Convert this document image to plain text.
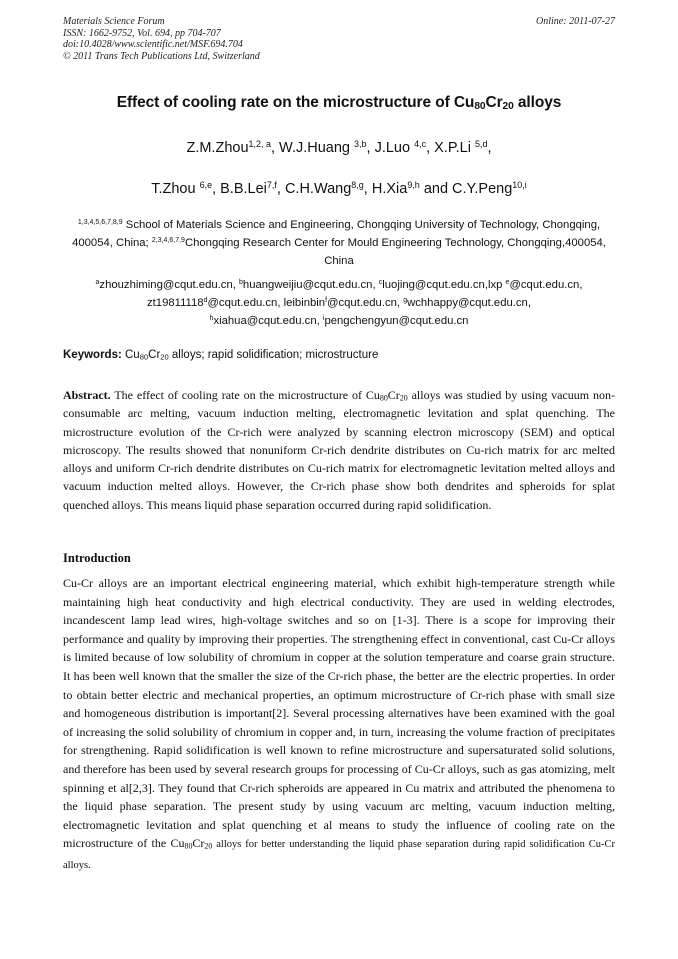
Materials Science Forum
ISSN: 1662-9752, Vol. 694, pp 704-707
doi:10.4028/www.scientific.net/MSF.694.704
© 2011 Trans Tech Publications Ltd, Switzerland
Online: 2011-07-27
Effect of cooling rate on the microstructure of $Cu_{80}Cr_{20}$ alloys
Z.M.Zhou$^{1,2, a}$, W.J.Huang $^{3,b}$, J.Luo $^{4,c}$, X.P.Li $^{5,d}$,
T.Zhou $^{6,e}$, B.B.Lei$^{7,f}$, C.H.Wang$^{8,g}$, H.Xia$^{9,h}$ and C.Y.Peng$^{10,i}$
$^{1,3,4,5,6,7,8,9}$ School of Materials Science and Engineering, Chongqing University of Technology, Chongqing, 400054, China; $^{2,3,4,6,7,9}$Chongqing Research Center for Mould Engineering Technology, Chongqing,400054, China
$^a$zhouzhiming@cqut.edu.cn, $^b$huangweijiu@cqut.edu.cn, $^c$luojing@cqut.edu.cn,lxp $^e$@cqut.edu.cn,
zt19811118$^d$@cqut.edu.cn, leibinbin$^f$@cqut.edu.cn, $^g$wchhappy@cqut.edu.cn,
$^h$xiahua@cqut.edu.cn, $^i$pengchengyun@cqut.edu.cn
Keywords: $Cu_{80}Cr_{20}$ alloys; rapid solidification; microstructure
Abstract. The effect of cooling rate on the microstructure of $Cu_{80}Cr_{20}$ alloys was studied by using vacuum non-consumable arc melting, vacuum induction melting, electromagnetic levitation and splat quenching. The microstructure evolution of the Cr-rich were analyzed by scanning electron microscopy (SEM) and optical microscopy. The results showed that nonuniform Cr-rich dendrite distributes on Cu-rich matrix for arc melted alloys and uniform Cr-rich dendrite distributes on Cu-rich matrix for electromagnetic levitation melted alloys and vacuum induction melted alloys. However, the Cr-rich phase show both dendrites and spheroids for splat quenched alloys. This means liquid phase separation occurred during rapid solidification.
Introduction
Cu-Cr alloys are an important electrical engineering material, which exhibit high-temperature strength while maintaining high heat conductivity and high electrical conductivity. They are used in welding electrodes, incandescent lamp lead wires, high-voltage switches and so on [1-3]. There is a scope for improving their performance and quality by improving their properties. The strengthening effect in conventional, cast Cu-Cr alloys is limited because of low solubility of chromium in copper at the solution temperature and coarse grain structure. It has been well known that the smaller the size of the Cr-rich phase, the better are the electric properties. In order to obtain better electric and mechanical properties, an optimum microstructure of Cr-rich phase with small size and homogeneous distribution is important[2]. Several processing alternatives have been examined with the goal of increasing the solid solubility of chromium in copper and, in turn, increasing the volume fraction of precipitates for strengthening. Rapid solidification is well known to refine microstructure and supersaturated solid solutions, and therefore has been used by several research groups for processing of Cu-Cr alloys, such as gas atomizing, melt spinning et al[2,3]. They found that Cr-rich spheroids are appeared in Cu matrix and attributed the phenomena to the liquid phase separation. The present study by using vacuum arc melting, vacuum induction melting, electromagnetic levitation and splat quenching et al means to study the influence of cooling rate on the microstructure of the $Cu_{80}Cr_{20}$ alloys for better understanding the liquid phase separation during rapid solidification Cu-Cr alloys.
